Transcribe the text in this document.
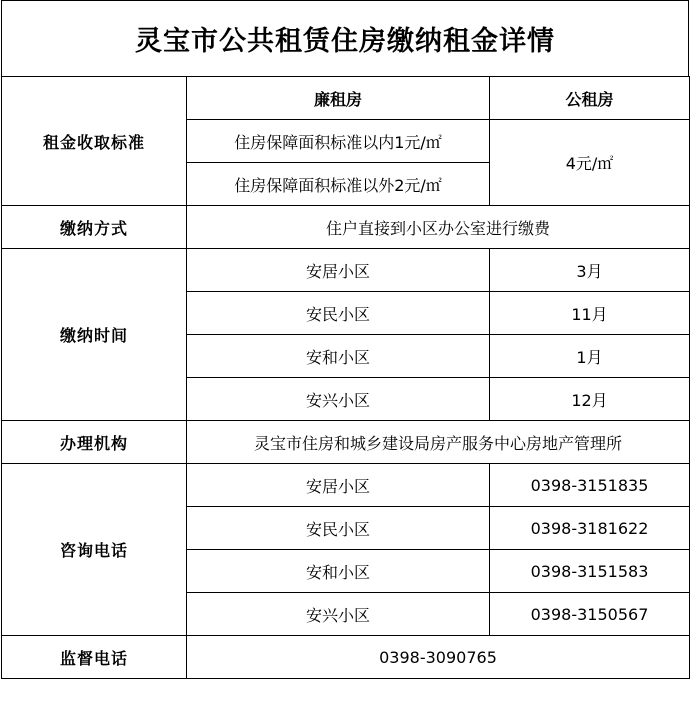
灵宝市公共租赁住房缴纳租金详情
租金收取标准	廉租房	公租房
	住房保障面积标准以内1元/㎡	4元/㎡
	住房保障面积标准以外2元/㎡	
缴纳方式	住户直接到小区办公室进行缴费	
缴纳时间	安居小区	3月
	安民小区	11月
	安和小区	1月
	安兴小区	12月
办理机构	灵宝市住房和城乡建设局房产服务中心房地产管理所	
咨询电话	安居小区	0398-3151835
	安民小区	0398-3181622
	安和小区	0398-3151583
	安兴小区	0398-3150567
监督电话	0398-3090765	
